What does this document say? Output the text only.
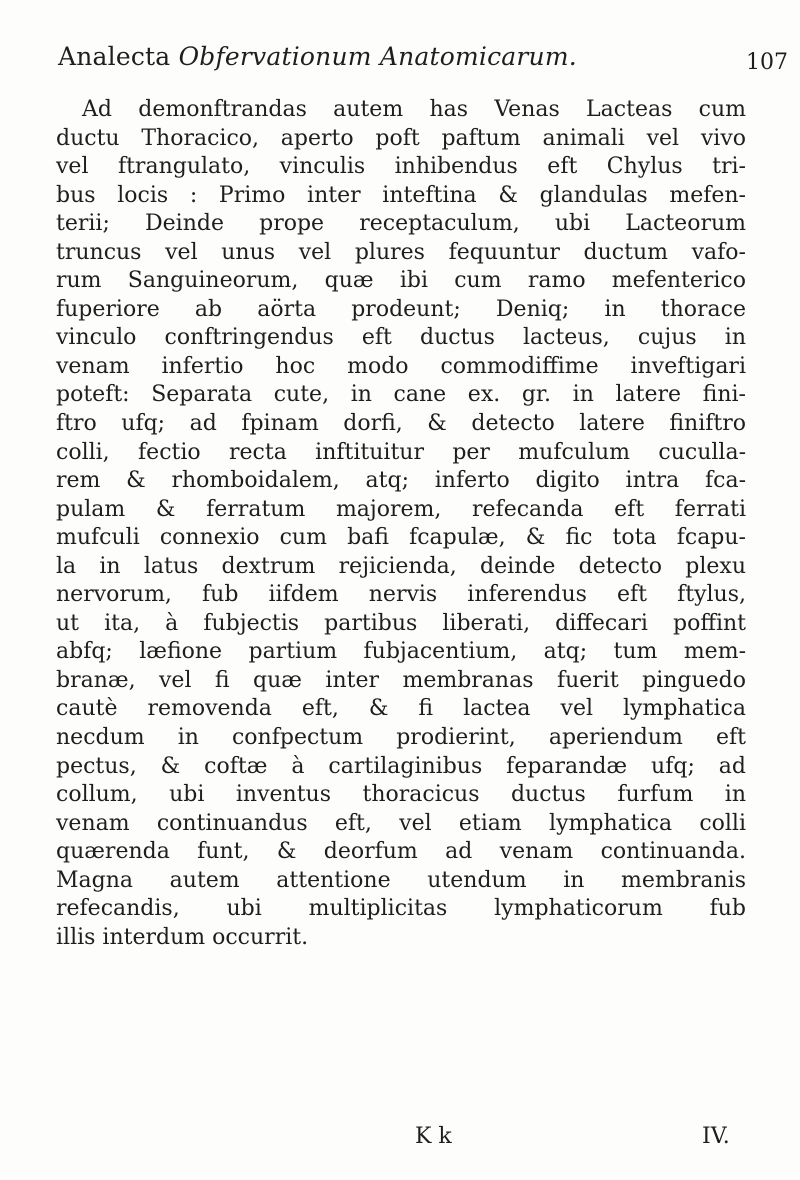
Analecta Obfervationum Anatomicarum.	107
Ad demonftrandas autem has Venas Lacteas cum
ductu Thoracico, aperto poft paftum animali vel vivo
vel ftrangulato, vinculis inhibendus eft Chylus tri-
bus locis : Primo inter inteftina & glandulas mefen-
terii; Deinde prope receptaculum, ubi Lacteorum
truncus vel unus vel plures fequuntur ductum vafo-
rum Sanguineorum, quæ ibi cum ramo mefenterico
fuperiore ab aörta prodeunt; Deniq; in thorace
vinculo conftringendus eft ductus lacteus, cujus in
venam infertio hoc modo commodiffime inveftigari
poteft: Separata cute, in cane ex. gr. in latere fini-
ftro ufq; ad fpinam dorfi, & detecto latere finiftro
colli, fectio recta inftituitur per mufculum cuculla-
rem & rhomboidalem, atq; inferto digito intra fca-
pulam & ferratum majorem, refecanda eft ferrati
mufculi connexio cum bafi fcapulæ, & fic tota fcapu-
la in latus dextrum rejicienda, deinde detecto plexu
nervorum, fub iifdem nervis inferendus eft ftylus,
ut ita, à fubjectis partibus liberati, diffecari poffint
abfq; læfione partium fubjacentium, atq; tum mem-
branæ, vel fi quæ inter membranas fuerit pinguedo
cautè removenda eft, & fi lactea vel lymphatica
necdum in confpectum prodierint, aperiendum eft
pectus, & coftæ à cartilaginibus feparandæ ufq; ad
collum, ubi inventus thoracicus ductus furfum in
venam continuandus eft, vel etiam lymphatica colli
quærenda funt, & deorfum ad venam continuanda.
Magna autem attentione utendum in membranis
refecandis, ubi multiplicitas lymphaticorum fub
illis interdum occurrit.
K k	IV.
